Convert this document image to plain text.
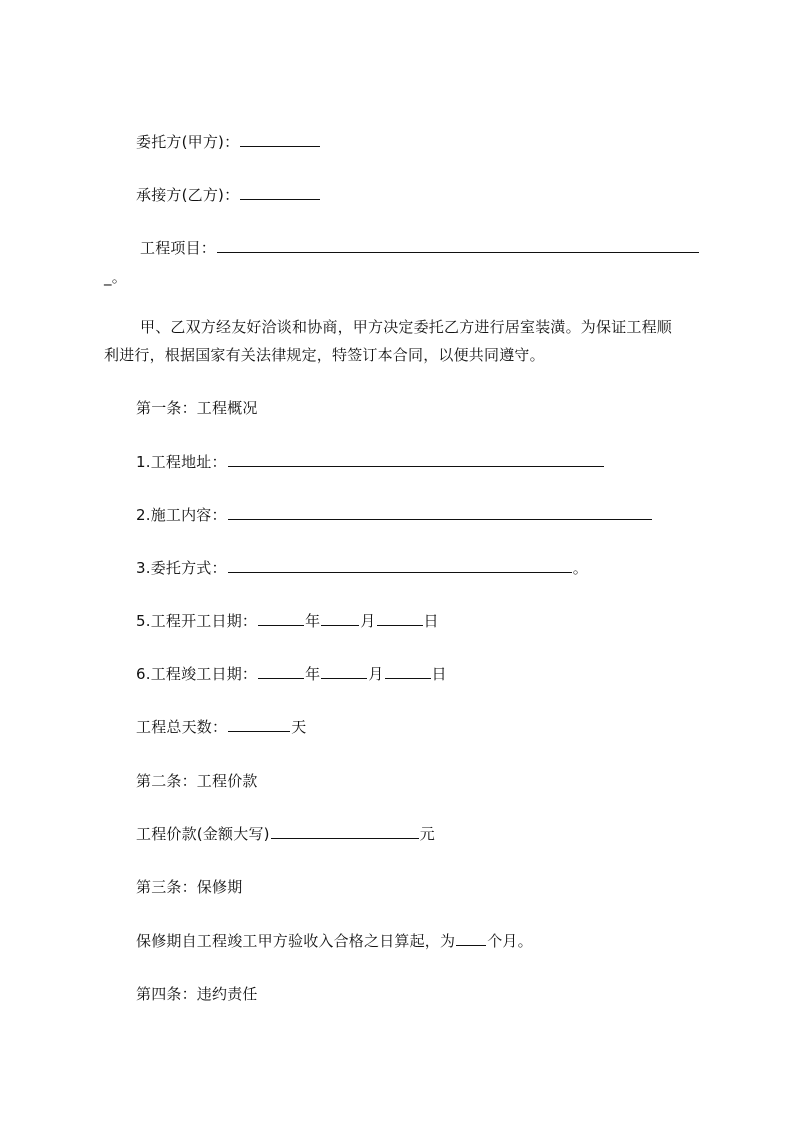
委托方(甲方)：
承接方(乙方)：
工程项目：
_。
甲、乙双方经友好洽谈和协商，甲方决定委托乙方进行居室装潢。为保证工程顺
利进行，根据国家有关法律规定，特签订本合同，以便共同遵守。
第一条：工程概况
1.工程地址：
2.施工内容：
3.委托方式：	。
5.工程开工日期：	年	月	日
6.工程竣工日期：	年	月	日
工程总天数：	天
第二条：工程价款
工程价款(金额大写)	元
第三条：保修期
保修期自工程竣工甲方验收入合格之日算起，为 个月。
第四条：违约责任
